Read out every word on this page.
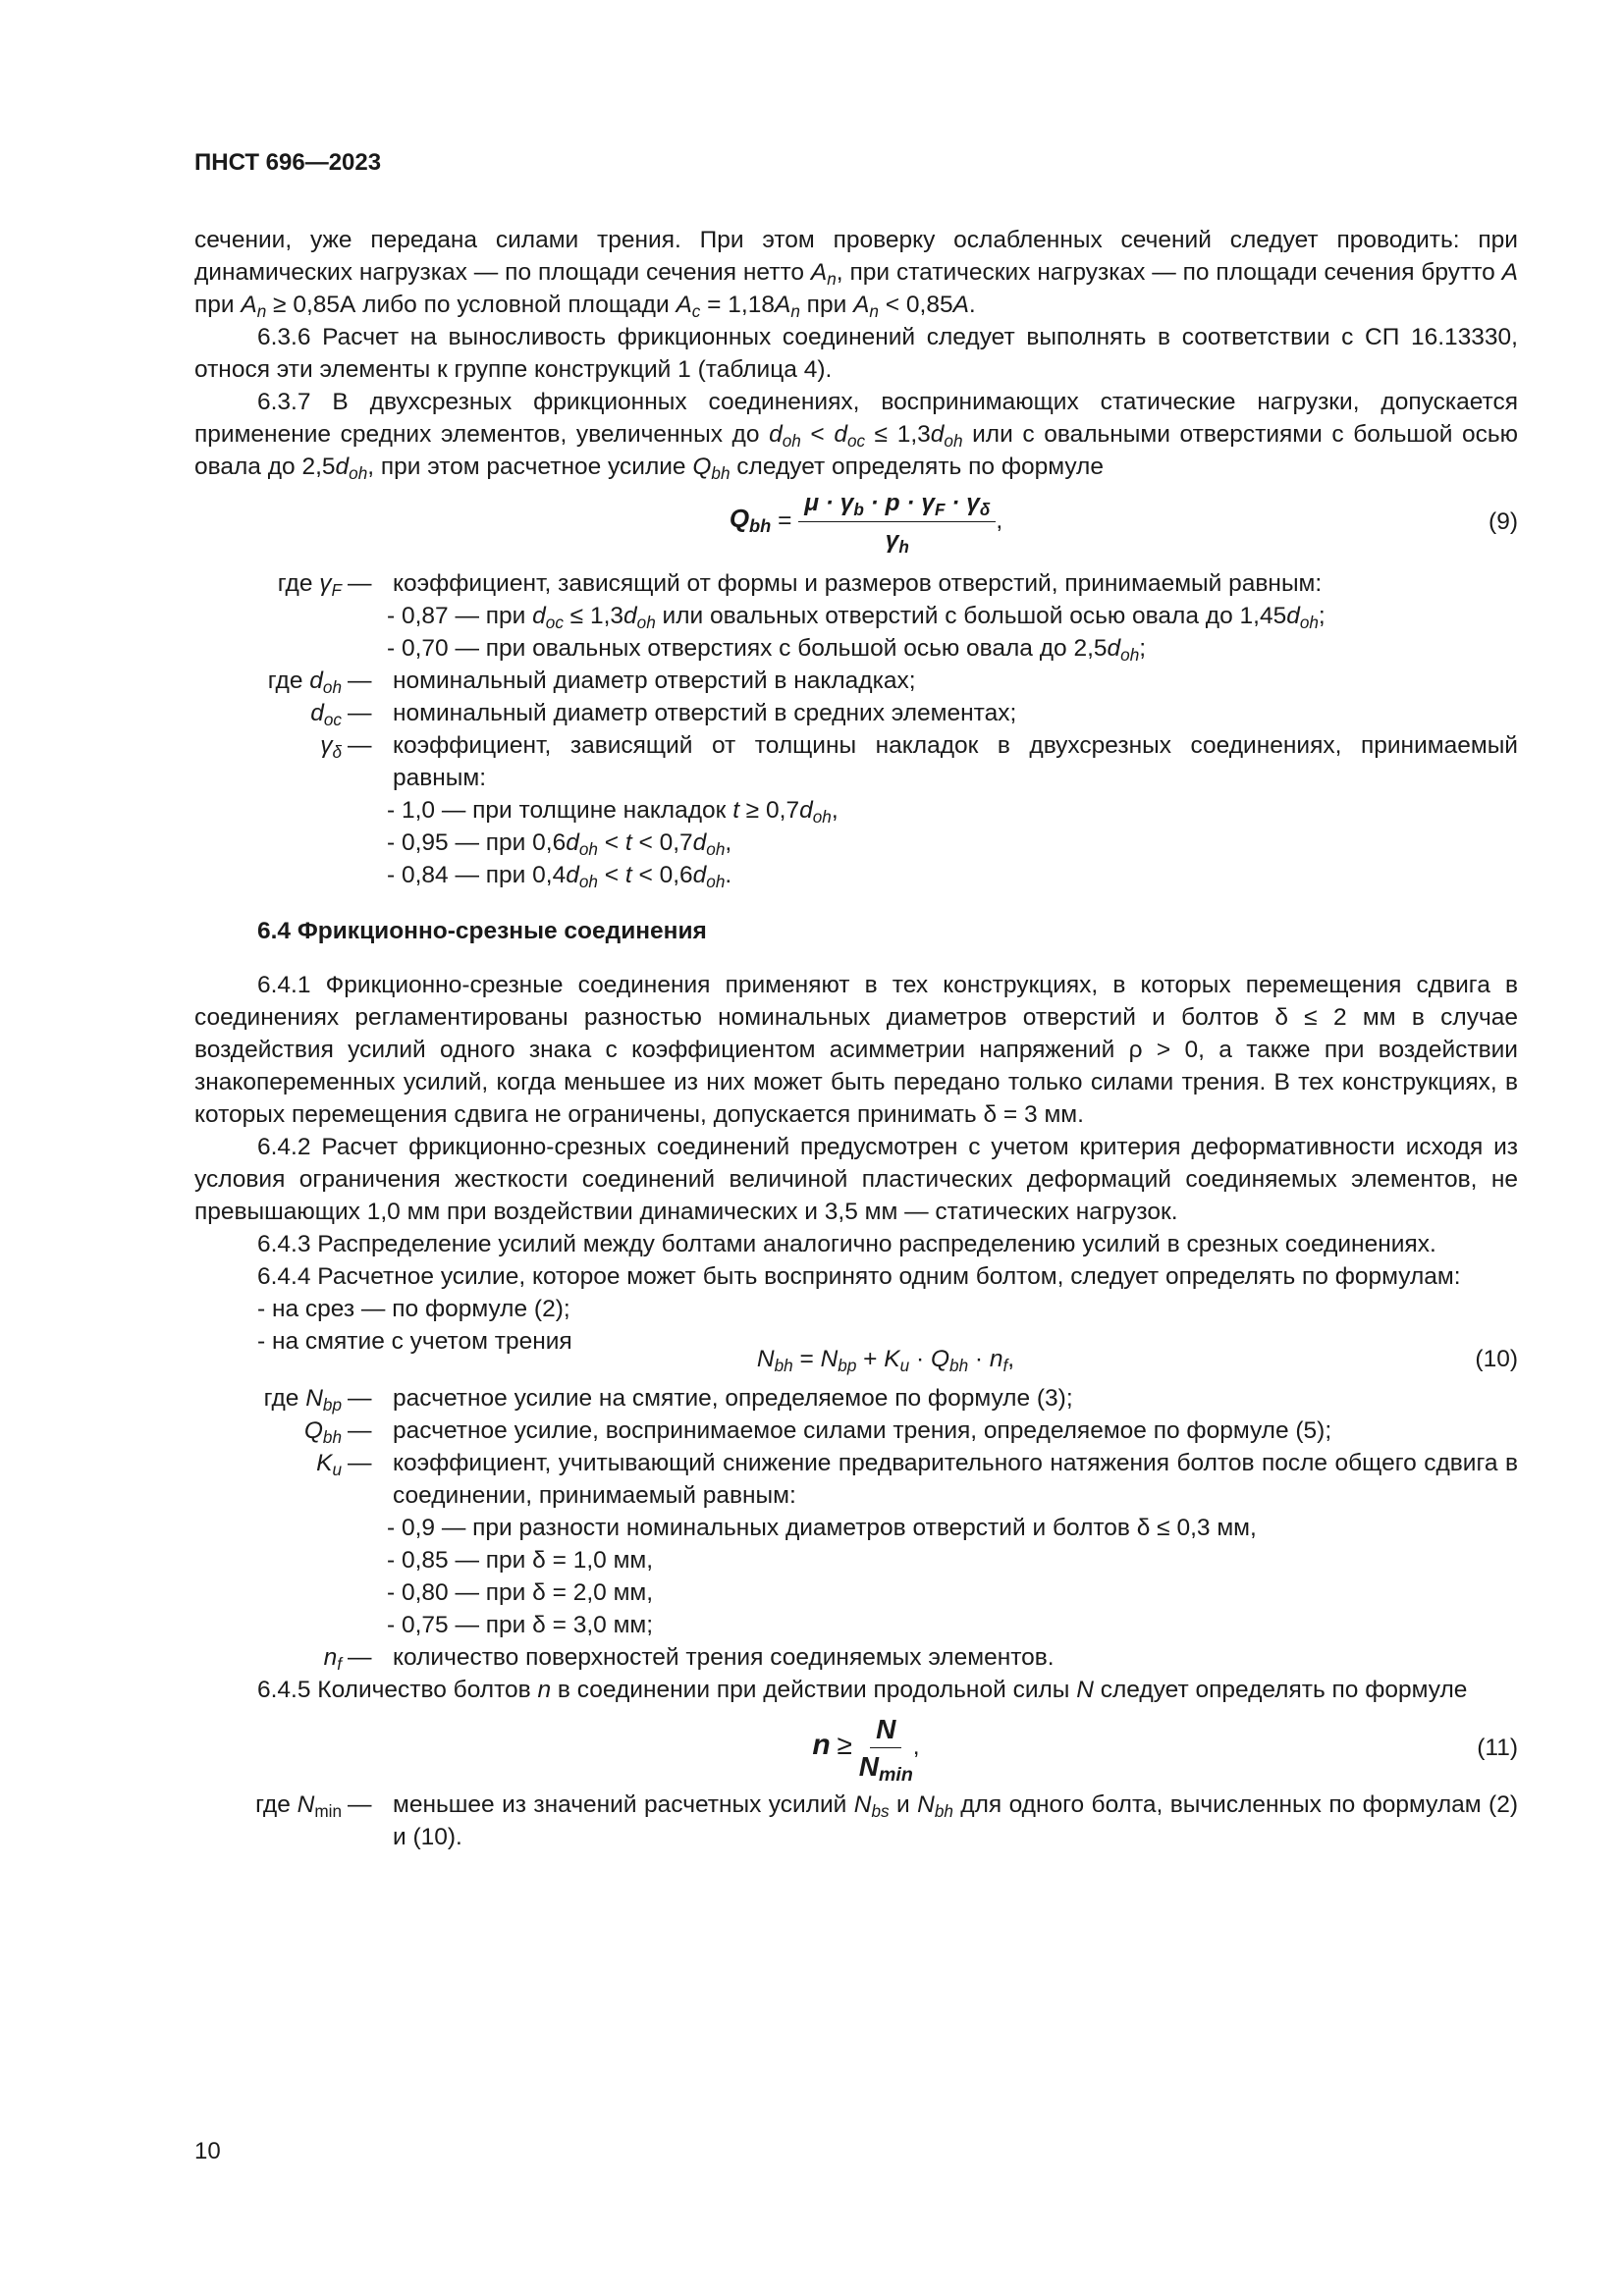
ПНСТ 696—2023

сечении, уже передана силами трения. При этом проверку ослабленных сечений следует проводить: при динамических нагрузках — по площади сечения нетто $A_n$, при статических нагрузках — по площади сечения брутто A при $A_n \ge 0,85А$ либо по условной площади $A_c = 1,18A_n$ при $A_n < 0,85A$.

6.3.6 Расчет на выносливость фрикционных соединений следует выполнять в соответствии с СП 16.13330, относя эти элементы к группе конструкций 1 (таблица 4).

6.3.7 В двухсрезных фрикционных соединениях, воспринимающих статические нагрузки, допускается применение средних элементов, увеличенных до $d_{oh} < d_{oc} \le 1,3d_{oh}$ или с овальными отверстиями с большой осью овала до $2,5d_{oh}$, при этом расчетное усилие $Q_{bh}$ следует определять по формуле

$Q_{bh} = \frac{\mu \cdot \gamma_b \cdot p \cdot \gamma_F \cdot \gamma_\delta}{\gamma_h}$ ,	(9)
где $\gamma_F$ — коэффициент, зависящий от формы и размеров отверстий, принимаемый равным:
- 0,87 — при $d_{oc} \le 1,3d_{oh}$ или овальных отверстий с большой осью овала до $1,45d_{oh}$;
- 0,70 — при овальных отверстиях с большой осью овала до $2,5d_{oh}$;
где $d_{oh}$ — номинальный диаметр отверстий в накладках;
$d_{oc}$ — номинальный диаметр отверстий в средних элементах;
$\gamma_\delta$ — коэффициент, зависящий от толщины накладок в двухсрезных соединениях, принимаемый равным:
- 1,0 — при толщине накладок $t \ge 0,7d_{oh}$,
- 0,95 — при $0,6d_{oh} < t < 0,7d_{oh}$,
- 0,84 — при $0,4d_{oh} < t < 0,6d_{oh}$.
6.4 Фрикционно-срезные соединения

6.4.1 Фрикционно-срезные соединения применяют в тех конструкциях, в которых перемещения сдвига в соединениях регламентированы разностью номинальных диаметров отверстий и болтов δ ≤ 2 мм в случае воздействия усилий одного знака с коэффициентом асимметрии напряжений ρ > 0, а также при воздействии знакопеременных усилий, когда меньшее из них может быть передано только силами трения. В тех конструкциях, в которых перемещения сдвига не ограничены, допускается принимать δ = 3 мм.

6.4.2 Расчет фрикционно-срезных соединений предусмотрен с учетом критерия деформативности исходя из условия ограничения жесткости соединений величиной пластических деформаций соединяемых элементов, не превышающих 1,0 мм при воздействии динамических и 3,5 мм — статических нагрузок.

6.4.3 Распределение усилий между болтами аналогично распределению усилий в срезных соединениях.

6.4.4 Расчетное усилие, которое может быть воспринято одним болтом, следует определять по формулам:

- на срез — по формуле (2);
- на смятие с учетом трения
$N_{bh} = N_{bp} + K_u \cdot Q_{bh} \cdot n_f$,	(10)
где $N_{bp}$ — расчетное усилие на смятие, определяемое по формуле (3);
$Q_{bh}$ — расчетное усилие, воспринимаемое силами трения, определяемое по формуле (5);
$K_u$ — коэффициент, учитывающий снижение предварительного натяжения болтов после общего сдвига в соединении, принимаемый равным:
- 0,9 — при разности номинальных диаметров отверстий и болтов δ ≤ 0,3 мм,
- 0,85 — при δ = 1,0 мм,
- 0,80 — при δ = 2,0 мм,
- 0,75 — при δ = 3,0 мм;
$n_f$ — количество поверхностей трения соединяемых элементов.

6.4.5 Количество болтов n в соединении при действии продольной силы N следует определять по формуле

$n \ge \frac{N}{N_{min}}$ ,	(11)
где $N_{min}$ — меньшее из значений расчетных усилий $N_{bs}$ и $N_{bh}$ для одного болта, вычисленных по формулам (2) и (10).
10
